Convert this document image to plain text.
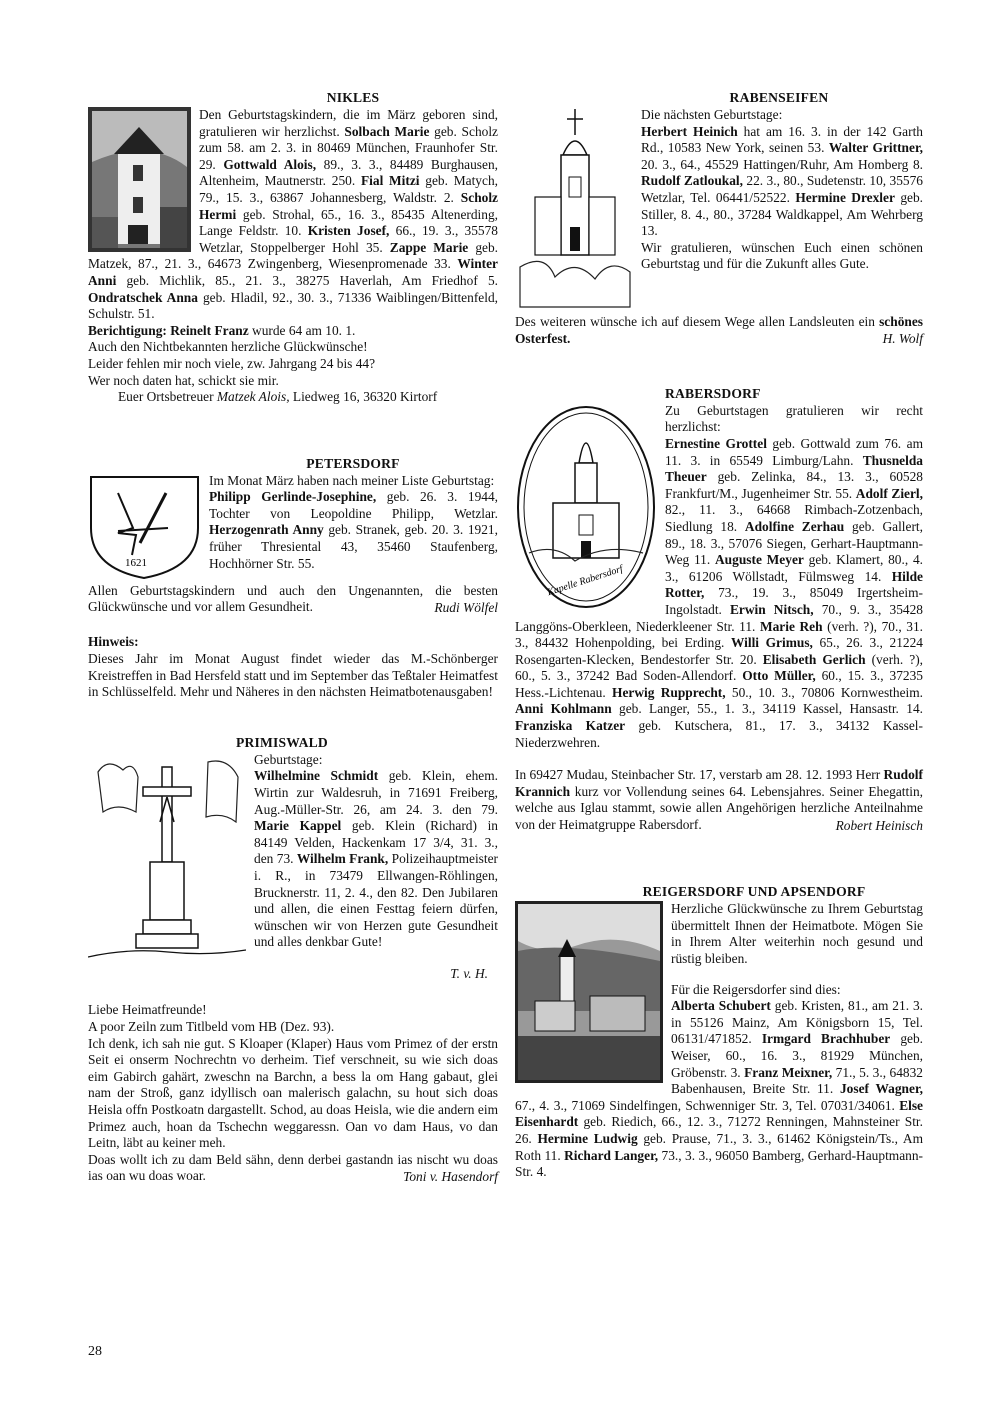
NIKLES
Den Geburtstagskindern, die im März geboren sind, gratulieren wir herzlichst. Solbach Marie geb. Scholz zum 58. am 2. 3. in 80469 München, Fraunhofer Str. 29. Gottwald Alois, 89., 3. 3., 84489 Burghausen, Altenheim, Mautnerstr. 250. Fial Mitzi geb. Matych, 79., 15. 3., 63867 Johannesberg, Waldstr. 2. Scholz Hermi geb. Strohal, 65., 16. 3., 85435 Altenerding, Lange Feldstr. 10. Kristen Josef, 66., 19. 3., 35578 Wetzlar, Stoppelberger Hohl 35. Zappe Marie geb. Matzek, 87., 21. 3., 64673 Zwingenberg, Wiesenpromenade 33. Winter Anni geb. Michlik, 85., 21. 3., 38275 Haverlah, Am Friedhof 5. Ondratschek Anna geb. Hladil, 92., 30. 3., 71336 Waiblingen/Bittenfeld, Schulstr. 51.

Berichtigung: Reinelt Franz wurde 64 am 10. 1.

Auch den Nichtbekannten herzliche Glückwünsche!

Leider fehlen mir noch viele, zw. Jahrgang 24 bis 44?

Wer noch daten hat, schickt sie mir.

Euer Ortsbetreuer Matzek Alois, Liedweg 16, 36320 Kirtorf

PETERSDORF
1621
Im Monat März haben nach meiner Liste Geburtstag:
Philipp Gerlinde-Josephine, geb. 26. 3. 1944, Tochter von Leopoldine Philipp, Wetzlar. Herzogenrath Anny geb. Stranek, geb. 20. 3. 1921, früher Thresiental 43, 35460 Staufenberg, Hochhörner Str. 55.

Allen Geburtstagskindern und auch den Ungenannten, die besten Glückwünsche und vor allem Gesundheit.	Rudi Wölfel

Hinweis:

Dieses Jahr im Monat August findet wieder das M.-Schönberger Kreistreffen in Bad Hersfeld statt und im September das Teßtaler Heimatfest in Schlüsselfeld. Mehr und Näheres in den nächsten Heimatbotenausgaben!

PRIMISWALD
Geburtstage:
Wilhelmine Schmidt geb. Klein, ehem. Wirtin zur Waldesruh, in 71691 Freiberg, Aug.-Müller-Str. 26, am 24. 3. den 79. Marie Kappel geb. Klein (Richard) in 84149 Velden, Hackenkam 17 3/4, 31. 3., den 73. Wilhelm Frank, Polizeihauptmeister i. R., in 73479 Ellwangen-Röhlingen, Brucknerstr. 11, 2. 4., den 82. Den Jubilaren und allen, die einen Festtag feiern dürfen, wünschen wir von Herzen gute Gesundheit und alles denkbar Gute!

T. v. H.

Liebe Heimatfreunde!

A poor Zeiln zum Titlbeld vom HB (Dez. 93).

Ich denk, ich sah nie gut. S Kloaper (Klaper) Haus vom Primez of der erstn Seit ei onserm Nochrechtn vo derheim. Tief verschneit, su wie sich doas eim Gabirch gahärt, zweschn na Barchn, a bess la om Hang gabaut, glei nam der Stroß, ganz idyllisch oan malerisch galachn, su hout sich doas Heisla offn Postkoatn dargastellt. Schod, au doas Heisla, wie die andern eim Primez auch, hoan da Tschechn weggaressn. Oan vo dam Haus, vo dan Leitn, läbt au keiner meh.

Doas wollt ich zu dam Beld sähn, denn derbei gastandn ias nischt wu doas ias oan wu doas woar.	Toni v. Hasendorf

RABENSEIFEN
Die nächsten Geburtstage:
Herbert Heinich hat am 16. 3. in der 142 Garth Rd., 10583 New York, seinen 53. Walter Grittner, 20. 3., 64., 45529 Hattingen/Ruhr, Am Homberg 8. Rudolf Zatloukal, 22. 3., 80., Sudetenstr. 10, 35576 Wetzlar, Tel. 06441/52522. Hermine Drexler geb. Stiller, 8. 4., 80., 37284 Waldkappel, Am Wehrberg 13.
Wir gratulieren, wünschen Euch einen schönen Geburtstag und für die Zukunft alles Gute.

Des weiteren wünsche ich auf diesem Wege allen Landsleuten ein schönes Osterfest.	H. Wolf

RABERSDORF
Kapelle Rabersdorf
Zu Geburtstagen gratulieren wir recht herzlichst:
Ernestine Grottel geb. Gottwald zum 76. am 11. 3. in 65549 Limburg/Lahn. Thusnelda Theuer geb. Zelinka, 84., 13. 3., 60528 Frankfurt/M., Jugenheimer Str. 55. Adolf Zierl, 82., 11. 3., 64668 Rimbach-Zotzenbach, Siedlung 18. Adolfine Zerhau geb. Gallert, 89., 18. 3., 57076 Siegen, Gerhart-Hauptmann-Weg 11. Auguste Meyer geb. Klamert, 80., 4. 3., 61206 Wöllstadt, Fülmsweg 14. Hilde Rotter, 73., 19. 3., 85049 Irgertsheim-Ingolstadt. Erwin Nitsch, 70., 9. 3., 35428 Langgöns-Oberkleen, Niederkleener Str. 11. Marie Reh (verh. ?), 70., 31. 3., 84432 Hohenpolding, bei Erding. Willi Grimus, 65., 26. 3., 21224 Rosengarten-Klecken, Bendestorfer Str. 20. Elisabeth Gerlich (verh. ?), 60., 5. 3., 37242 Bad Soden-Allendorf. Otto Müller, 60., 15. 3., 37235 Hess.-Lichtenau. Herwig Rupprecht, 50., 10. 3., 70806 Kornwestheim. Anni Kohlmann geb. Langer, 55., 1. 3., 34119 Kassel, Hansastr. 14. Franziska Katzer geb. Kutschera, 81., 17. 3., 34132 Kassel-Niederzwehren.

In 69427 Mudau, Steinbacher Str. 17, verstarb am 28. 12. 1993 Herr Rudolf Krannich kurz vor Vollendung seines 64. Lebensjahres. Seiner Ehegattin, welche aus Iglau stammt, sowie allen Angehörigen herzliche Anteilnahme von der Heimatgruppe Rabersdorf.	Robert Heinisch

REIGERSDORF UND APSENDORF
Herzliche Glückwünsche zu Ihrem Geburtstag übermittelt Ihnen der Heimatbote. Mögen Sie in Ihrem Alter weiterhin noch gesund und rüstig bleiben.

Für die Reigersdorfer sind dies:

Alberta Schubert geb. Kristen, 81., am 21. 3. in 55126 Mainz, Am Königsborn 15, Tel. 06131/471852. Irmgard Brachhuber geb. Weiser, 60., 16. 3., 81929 München, Gröbenstr. 3. Franz Meixner, 71., 5. 3., 64832 Babenhausen, Breite Str. 11. Josef Wagner, 67., 4. 3., 71069 Sindelfingen, Schwenniger Str. 3, Tel. 07031/34061. Else Eisenhardt geb. Riedich, 66., 12. 3., 71272 Renningen, Mahnsteiner Str. 26. Hermine Ludwig geb. Prause, 71., 3. 3., 61462 Königstein/Ts., Am Roth 11. Richard Langer, 73., 3. 3., 96050 Bamberg, Gerhard-Hauptmann-Str. 4.
28
